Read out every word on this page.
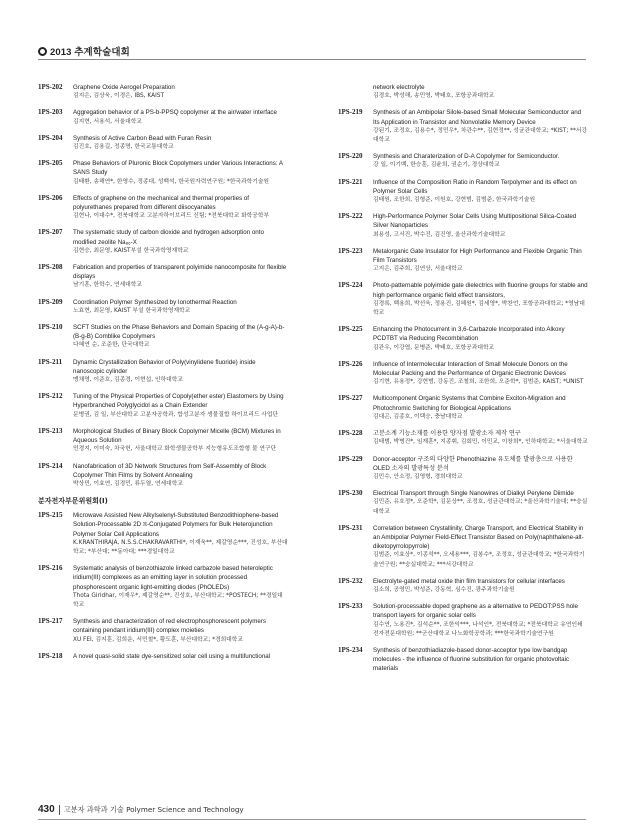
2013 추계학술대회
1PS-202	Graphene Oxide Aerogel Preparation
김지은, 김상욱, 이경은, IBS, KAIST
1PS-203	Aggregation behavior of a PS-b-PPSQ copolymer at the air/water interface
김지현, 서용석, 서울대학교
1PS-204	Synthesis of Active Carbon Bead with Furan Resin
김진호, 김용길, 정종명, 한국교통대학교
1PS-205	Phase Behaviors of Pluronic Block Copolymers under Various Interactions: A SANS Study
김태환, 송해연*, 한영수, 정종대, 성백석, 한국원자력연구원; *한국과학기술원
1PS-206	Effects of graphene on the mechanical and thermal properties of polyurethanes prepared from different diisocyanates
김현나, 이대수*, 전북대학교 고분자하이브리드 신팀; *전북대학교 화학공학부
1PS-207	The systematic study of carbon dioxide and hydrogen adsorption onto modified zeolite Na₈₆-X
김현승, 최문영, KAIST부설 한국과학영재학교
1PS-208	Fabrication and properties of transparent polyimide nanocomposite for flexible displays
남기훈, 한학수, 연세대학교
1PS-209	Coordination Polymer Synthesized by Ionothermal Reaction
노효현, 최문영, KAIST 부설 한국과학영재학교
1PS-210	SCFT Studies on the Phase Behaviors and Domain Spacing of the (A-g-A)-b-(B-g-B) Comblike Copolymers
다혜연 순, 조준한, 단국대학교
1PS-211	Dynamic Crystallization Behavior of Poly(vinylidene fluoride) inside nanoscopic cylinder
맹채영, 이준호, 김종경, 이현섭, 인하대학교
1PS-212	Tuning of the Physical Properties of Copoly(ether ester) Elastomers by Using Hyperbranched Polyglycidol as a Chain Extender
문병권, 김 일, 부산대학교 고분자공학과, 합성고분자 생물질합 하이브리드 사업단
1PS-213	Morphological Studies of Binary Block Copolymer Micelle (BCM) Mixtures in Aqueous Solution
민경지, 이미숙, 차국헌, 서울대학교 화학생물공학부 지능형유도조합형 물 연구단
1PS-214	Nanofabrication of 3D Network Structures from Self-Assembly of Block Copolymer Thin Films by Solvent Annealing
박상민, 이효연, 김경민, 류두열, 연세대학교
분자전자부문위원회(I)
1PS-215	Microwave Assisted New Alkylselenyl-Substituted Benzodithiophene-based Solution-Processable 2D π-Conjugated Polymers for Bulk Heterojunction Polymer Solar Cell Applications
K.KRANTHIRAJA, N.S.S.CHAKRAVARTHI*, 이재욱**, 제갈영순***, 진성호, 부산대학교; *부산대; **동아대; ***경일대학교
1PS-216	Systematic analysis of benzothiazole linked carbazole based heteroleptic iridium(III) complexes as an emitting layer in solution processed phosphorescent organic light-emitting diodes (PhOLEDs)
Thota Giridhar, 이재우*, 제갈영순**, 진성호, 부산대학교; *POSTECH; **경일대학교
1PS-217	Synthesis and characterization of red electrophosphorescent polymers containing pendant iridium(III) complex moieties
XU FEI, 김지훈, 김희운, 서민철*, 황도훈, 부산대학교; *경희대학교
1PS-218	A novel quasi-solid state dye-sensitized solar cell using a multifunctional
network electrolyte
김경호, 박성해, 송민영, 박태호, 포항공과대학교
1PS-219	Synthesis of an Ambipolar Silole-based Small Molecular Semiconductor and Its Application in Transistor and Nonvolatile Memory Device
강된기, 조정호, 김용수*, 정민우*, 차관수**, 김현정**, 성균관대학교; *KIST; **서강대학교
1PS-220	Synthesis and Charaterization of D-A Copolymer for Semiconductor.
강 일, 이기백, 한승훈, 김윤희, 권순기, 경상대학교
1PS-221	Influence of the Composition Ratio in Random Terpolymer and its effect on Polymer Solar Cells
김태원, 조한희, 김형준, 이원호, 강현범, 김범준, 한국과학기술원
1PS-222	High-Performance Polymer Solar Cells Using Multipositional Silica-Coated Silver Nanoparticles
최용성, 고서진, 박수진, 김진영, 울산과학기술대학교
1PS-223	Metalorganic Gate Insulator for High Performance and Flexible Organic Thin Film Transistors
고지은, 김주희, 김연상, 서울대학교
1PS-224	Photo-patternable polyimide gate dielectrics with fluorine groups for stable and high performance organic field effect transistors,
김경록, 백용희, 박선욱, 정용진, 김혜원*, 김세영*, 박찬언, 포항공과대학교; *영남대학교
1PS-225	Enhancing the Photocurrent in 3,6-Carbazole Incorporated into Alkoxy PCDTBT via Reducing Recombination
김관우, 이강엽, 문병준, 박태호, 포항공과대학교
1PS-226	Influence of Intermolecular Interaction of Small Molecule Donors on the Molecular Packing and the Performance of Organic Electronic Devices
김기현, 유용정*, 강현범, 강동진, 조철희, 조한희, 오준학*, 김범준, KAIST; *UNIST
1PS-227	Multicomponent Organic Systems that Combine Exciton-Migration and Photochromic Switching for Biological Applications
김대곤, 김종호, 이택승, 충남대학교
1PS-228	고분소계 기능소재를 이용한 양자점 발광소자 제작 연구
김태범, 박병건*, 임재훈*, 지종휘, 김회민, 이민교, 이창희*, 인하대학교; *서울대학교
1PS-229	Donor-acceptor 구조의 다양한 Phenothiazine 유도체를 발광층으로 사용한 OLED 소자의 발광특성 분석
김민수, 안소정, 김영형, 경희대학교
1PS-230	Electrical Transport through Single Nanowires of Dialkyl Perylene Diimide
김민준, 유호정*, 오준학*, 김문상**, 조정호, 성균관대학교; *울산과학기술대; **숭실대학교
1PS-231	Correlation between Crystallinity, Charge Transport, and Electrical Stability in an Ambipolar Polymer Field-Effect Transistor Based on Poly(naphthalene-alt-diketopyrrolopyrrole)
김범준, 이효상*, 이종석**, 오세용***, 김봉수*, 조정호, 성균관대학교; *한국과학기술연구원; **숭실대학교; ***서강대학교
1PS-232	Electrolyte-gated metal oxide thin film transistors for cellular interfaces
김소희, 공영민, 박성준, 강동혁, 심수진, 광주과학기술원
1PS-233	Solution-processable doped graphene as a alternative to PEDOT:PSS hole transport layers for organic solar cells
김수연, 노용진*, 김석순**, 조한익***, 나석인*, 전북대학교; *전북대학교 유연인쇄전자전문대학원; **군산대학교 나노화학공학과; ***한국과학기술연구원
1PS-234	Synthesis of benzothiadiazole-based donor-acceptor type low bandgap molecules - the influence of fluorine substitution for organic photovoltaic materials
430 고분자 과학과 기술 Polymer Science and Technology
